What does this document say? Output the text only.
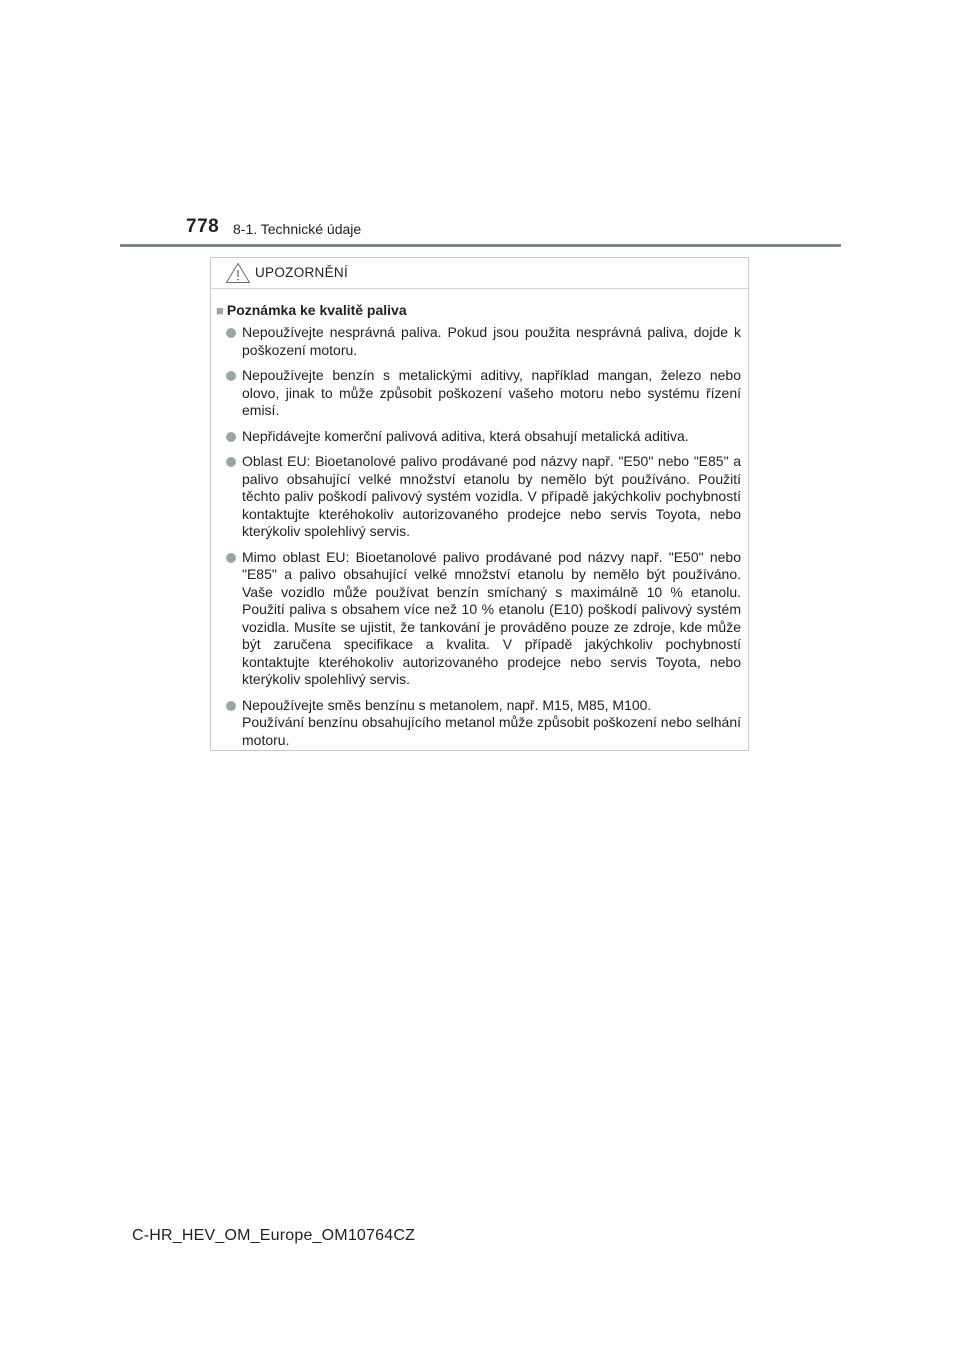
778 8-1. Technické údaje
UPOZORNĚNÍ
■ Poznámka ke kvalitě paliva
Nepoužívejte nesprávná paliva. Pokud jsou použita nesprávná paliva, dojde k poškození motoru.
Nepoužívejte benzín s metalickými aditivy, například mangan, železo nebo olovo, jinak to může způsobit poškození vašeho motoru nebo systému řízení emisí.
Nepřidávejte komerční palivová aditiva, která obsahují metalická aditiva.
Oblast EU: Bioetanolové palivo prodávané pod názvy např. "E50" nebo "E85" a palivo obsahující velké množství etanolu by nemělo být používáno. Použití těchto paliv poškodí palivový systém vozidla. V případě jakýchkoliv pochybností kontaktujte kteréhokoliv autorizovaného prodejce nebo servis Toyota, nebo kterýkoliv spolehlivý servis.
Mimo oblast EU: Bioetanolové palivo prodávané pod názvy např. "E50" nebo "E85" a palivo obsahující velké množství etanolu by nemělo být používáno. Vaše vozidlo může používat benzín smíchaný s maximálně 10 % etanolu. Použití paliva s obsahem více než 10 % etanolu (E10) poškodí palivový systém vozidla. Musíte se ujistit, že tankování je prováděno pouze ze zdroje, kde může být zaručena specifikace a kvalita. V případě jakýchkoliv pochybností kontaktujte kteréhokoliv autorizovaného prodejce nebo servis Toyota, nebo kterýkoliv spolehlivý servis.
Nepoužívejte směs benzínu s metanolem, např. M15, M85, M100.
Používání benzínu obsahujícího metanol může způsobit poškození nebo selhání motoru.
C-HR_HEV_OM_Europe_OM10764CZ
